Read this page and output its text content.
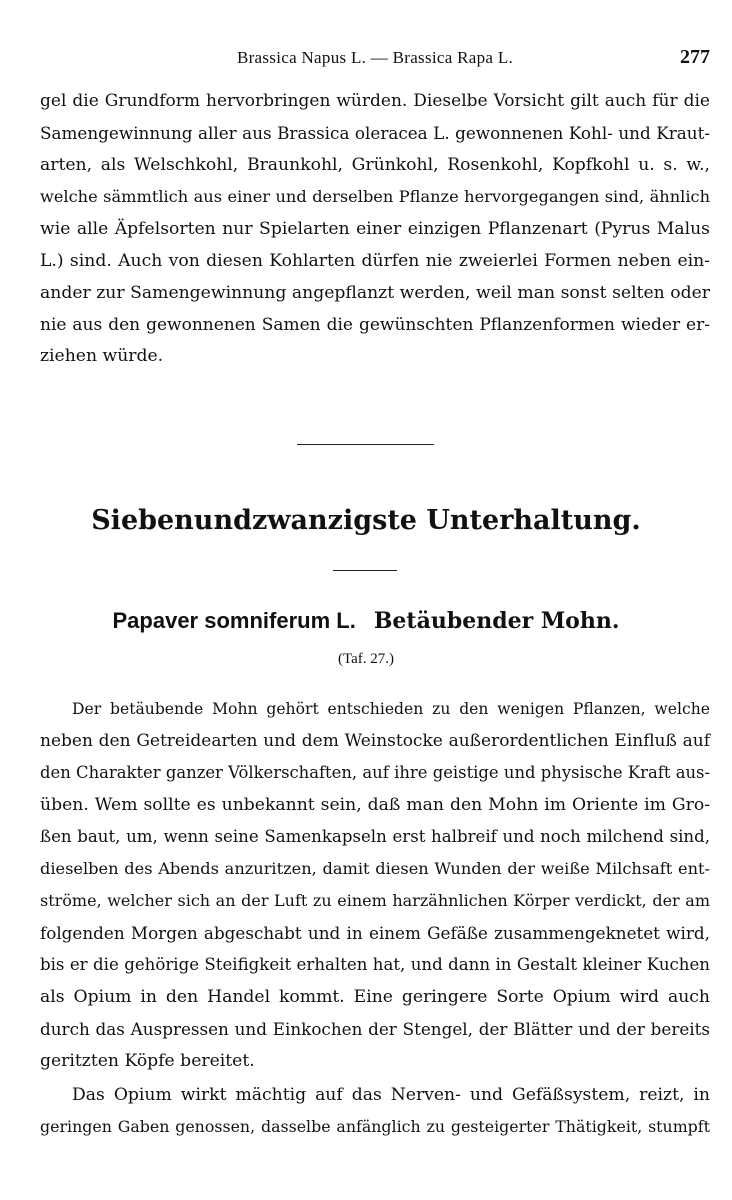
Brassica Napus L. — Brassica Rapa L.	277
gel die Grundform hervorbringen würden. Dieselbe Vorsicht gilt auch für die
Samengewinnung aller aus Brassica oleracea L. gewonnenen Kohl- und Kraut-
arten, als Welschkohl, Braunkohl, Grünkohl, Rosenkohl, Kopfkohl u. s. w.,
welche sämmtlich aus einer und derselben Pflanze hervorgegangen sind, ähnlich
wie alle Äpfelsorten nur Spielarten einer einzigen Pflanzenart (Pyrus Malus
L.) sind. Auch von diesen Kohlarten dürfen nie zweierlei Formen neben ein-
ander zur Samengewinnung angepflanzt werden, weil man sonst selten oder
nie aus den gewonnenen Samen die gewünschten Pflanzenformen wieder er-
ziehen würde.
Siebenundzwanzigste Unterhaltung.
Papaver somniferum L. Betäubender Mohn.
(Taf. 27.)
Der betäubende Mohn gehört entschieden zu den wenigen Pflanzen, welche
neben den Getreidearten und dem Weinstocke außerordentlichen Einfluß auf
den Charakter ganzer Völkerschaften, auf ihre geistige und physische Kraft aus-
üben. Wem sollte es unbekannt sein, daß man den Mohn im Oriente im Gro-
ßen baut, um, wenn seine Samenkapseln erst halbreif und noch milchend sind,
dieselben des Abends anzuritzen, damit diesen Wunden der weiße Milchsaft ent-
ströme, welcher sich an der Luft zu einem harzähnlichen Körper verdickt, der am
folgenden Morgen abgeschabt und in einem Gefäße zusammengeknetet wird,
bis er die gehörige Steifigkeit erhalten hat, und dann in Gestalt kleiner Kuchen
als Opium in den Handel kommt. Eine geringere Sorte Opium wird auch
durch das Auspressen und Einkochen der Stengel, der Blätter und der bereits
geritzten Köpfe bereitet.
Das Opium wirkt mächtig auf das Nerven- und Gefäßsystem, reizt, in
geringen Gaben genossen, dasselbe anfänglich zu gesteigerter Thätigkeit, stumpft
